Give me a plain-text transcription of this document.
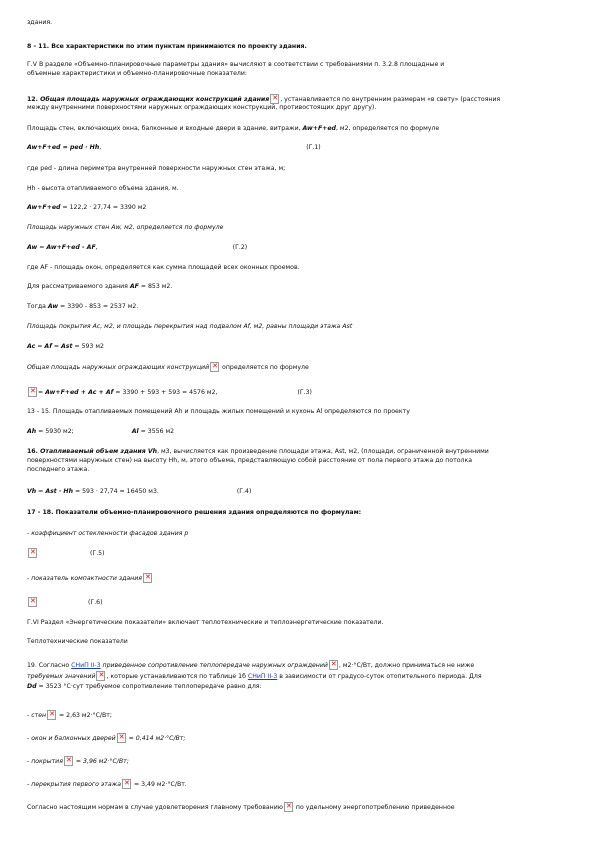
здания.
8 - 11. Все характеристики по этим пунктам принимаются по проекту здания.
Г.V В разделе «Объемно-планировочные параметры здания» вычисляют в соответствии с требованиями п. 3.2.8 площадные и
объемные характеристики и объемно-планировочные показатели:
12. Общая площадь наружных ограждающих конструкций здания ✕ , устанавливается по внутренним размерам «в свету» (расстояния
между внутренними поверхностями наружных ограждающих конструкций, противостоящих друг другу).
Площадь стен, включающих окна, балконные и входные двери в здание, витражи, Aw+F+ed, м2, определяется по формуле
Aw+F+ed = ped · Hh,	(Г.1)
где ped - длина периметра внутренней поверхности наружных стен этажа, м;
Hh - высота отапливаемого объема здания, м.
Aw+F+ed = 122,2 · 27,74 = 3390 м2
Площадь наружных стен Aw, м2, определяется по формуле
Aw = Aw+F+ed - AF,	(Г.2)
где AF - площадь окон, определяется как сумма площадей всех оконных проемов.
Для рассматриваемого здания AF = 853 м2.
Тогда Aw = 3390 - 853 = 2537 м2.
Площадь покрытия Ac, м2, и площадь перекрытия над подвалом Af, м2, равны площади этажа Ast
Ac = Af = Ast = 593 м2
Общая площадь наружных ограждающих конструкций ✕ определяется по формуле
✕= Aw+F+ed + Ac + Af = 3390 + 593 + 593 = 4576 м2,	(Г.3)
13 - 15. Площадь отапливаемых помещений Ah и площадь жилых помещений и кухонь Al определяются по проекту
Ah = 5930 м2;	Al = 3556 м2
16. Отапливаемый объем здания Vh, м3, вычисляется как произведение площади этажа, Ast, м2, (площади, ограниченной внутренними
поверхностями наружных стен) на высоту Hh, м, этого объема, представляющую собой расстояние от пола первого этажа до потолка
последнего этажа.
Vh = Ast · Hh = 593 · 27,74 = 16450 м3.	(Г.4)
17 - 18. Показатели объемно-планировочного решения здания определяются по формулам:
- коэффициент остекленности фасадов здания p
✕(Г.5)
- показатель компактности здания ✕
✕(Г.6)
Г.VI Раздел «Энергетические показатели» включает теплотехнические и теплоэнергетические показатели.
Теплотехнические показатели
19. Согласно СНиП II-3 приведенное сопротивление теплопередаче наружных ограждений ✕ , м2·°С/Вт, должно приниматься не ниже
требуемых значений ✕ , которые устанавливаются по таблице 1б СНиП II-3 в зависимости от градусо-суток отопительного периода. Для
Dd = 3523 °С·сут требуемое сопротивление теплопередаче равно для:
- стен ✕ = 2,63 м2·°С/Вт;
- окон и балконных дверей ✕ = 0,414 м2·°С/Вт;
- покрытия ✕ = 3,96 м2·°С/Вт;
- перекрытия первого этажа ✕ = 3,49 м2·°С/Вт.
Согласно настоящим нормам в случае удовлетворения главному требованию ✕ по удельному энергопотреблению приведенное
